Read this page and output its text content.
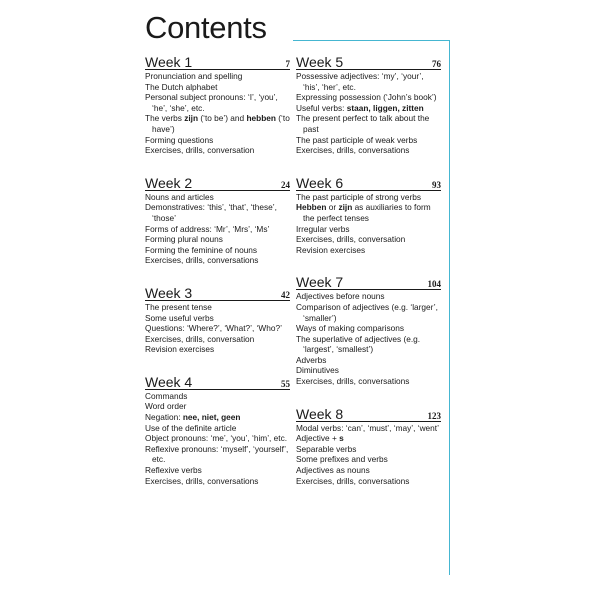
Contents
Week 1	7
Pronunciation and spelling
The Dutch alphabet
Personal subject pronouns: ‘I’, ‘you’, ‘he’, ‘she’, etc.
The verbs zijn (‘to be’) and hebben (‘to have’)
Forming questions
Exercises, drills, conversation
Week 2	24
Nouns and articles
Demonstratives: ‘this’, ‘that’, ‘these’, ‘those’
Forms of address: ‘Mr’, ‘Mrs’, ‘Ms’
Forming plural nouns
Forming the feminine of nouns
Exercises, drills, conversations
Week 3	42
The present tense
Some useful verbs
Questions: ‘Where?’, ‘What?’, ‘Who?’
Exercises, drills, conversation
Revision exercises
Week 4	55
Commands
Word order
Negation: nee, niet, geen
Use of the definite article
Object pronouns: ‘me’, ‘you’, ‘him’, etc.
Reflexive pronouns: ‘myself’, ‘yourself’, etc.
Reflexive verbs
Exercises, drills, conversations
Week 5	76
Possessive adjectives: ‘my’, ‘your’, ‘his’, ‘her’, etc.
Expressing possession (‘John’s book’)
Useful verbs: staan, liggen, zitten
The present perfect to talk about the past
The past participle of weak verbs
Exercises, drills, conversations
Week 6	93
The past participle of strong verbs
Hebben or zijn as auxiliaries to form the perfect tenses
Irregular verbs
Exercises, drills, conversation
Revision exercises
Week 7	104
Adjectives before nouns
Comparison of adjectives (e.g. ‘larger’, ‘smaller’)
Ways of making comparisons
The superlative of adjectives (e.g. ‘largest’, ‘smallest’)
Adverbs
Diminutives
Exercises, drills, conversations
Week 8	123
Modal verbs: ‘can’, ‘must’, ‘may’, ‘went’
Adjective + s
Separable verbs
Some prefixes and verbs
Adjectives as nouns
Exercises, drills, conversations
